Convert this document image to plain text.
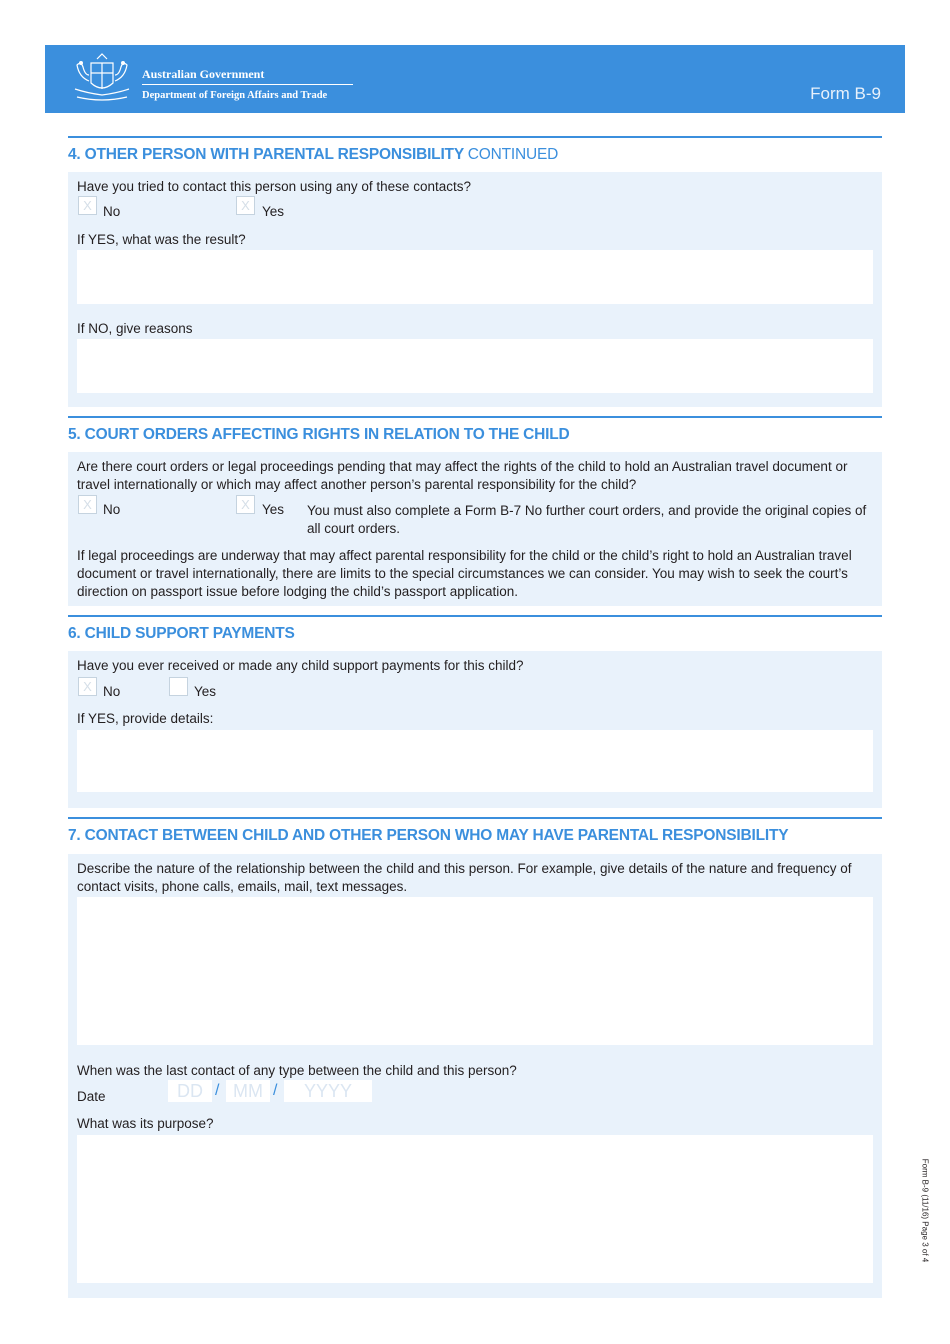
Australian Government
Department of Foreign Affairs and Trade	Form B-9
4. OTHER PERSON WITH PARENTAL RESPONSIBILITY CONTINUED
Have you tried to contact this person using any of these contacts?
X No	X Yes
If YES, what was the result?
If NO, give reasons
5. COURT ORDERS AFFECTING RIGHTS IN RELATION TO THE CHILD
Are there court orders or legal proceedings pending that may affect the rights of the child to hold an Australian travel document or travel internationally or which may affect another person’s parental responsibility for the child?
X No	X Yes You must also complete a Form B-7 No further court orders, and provide the original copies of all court orders.
If legal proceedings are underway that may affect parental responsibility for the child or the child’s right to hold an Australian travel document or travel internationally, there are limits to the special circumstances we can consider. You may wish to seek the court’s direction on passport issue before lodging the child’s passport application.
6. CHILD SUPPORT PAYMENTS
Have you ever received or made any child support payments for this child?
X No	Yes
If YES, provide details:
7. CONTACT BETWEEN CHILD AND OTHER PERSON WHO MAY HAVE PARENTAL RESPONSIBILITY
Describe the nature of the relationship between the child and this person. For example, give details of the nature and frequency of contact visits, phone calls, emails, mail, text messages.
When was the last contact of any type between the child and this person?
Date	DD / MM /	YYYY
What was its purpose?
Form B-9 (11/16) Page 3 of 4
